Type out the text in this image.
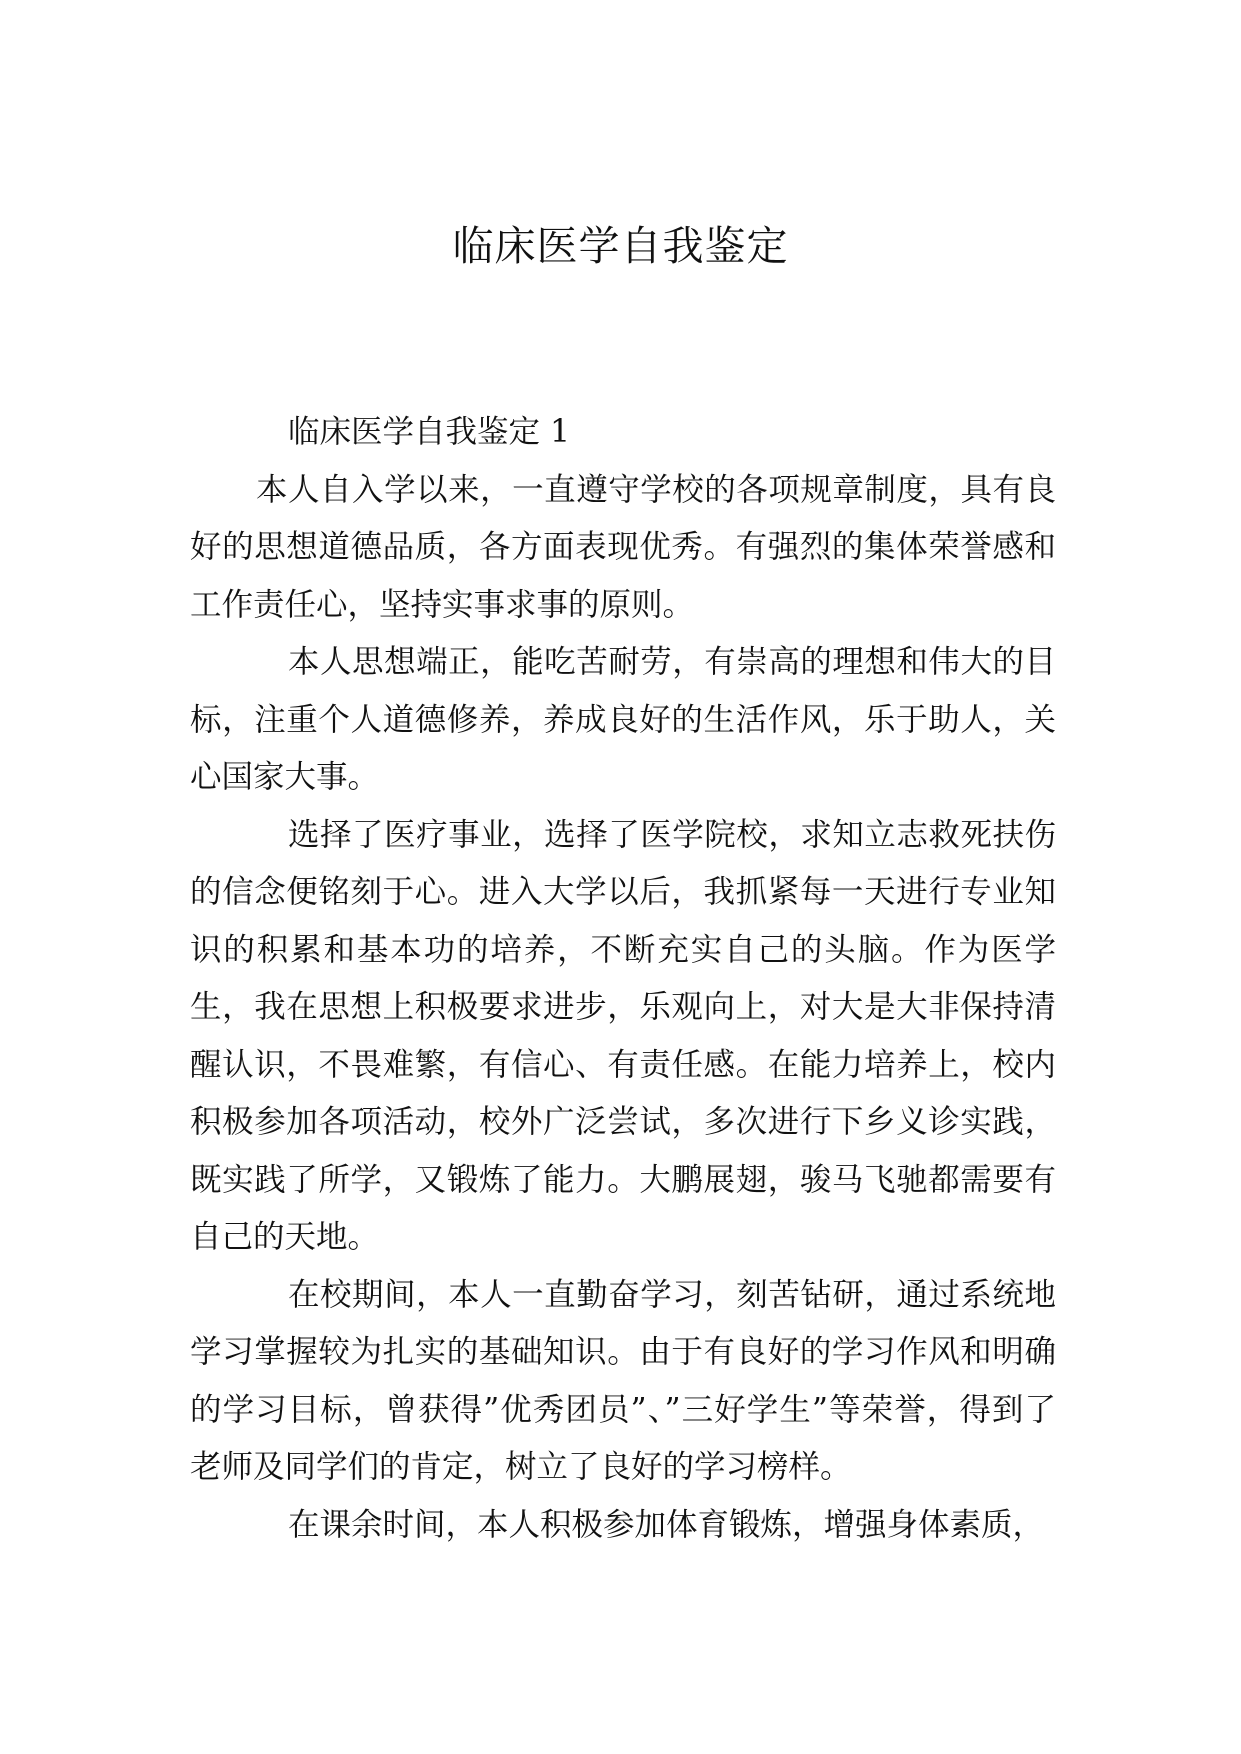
临床医学自我鉴定
临床医学自我鉴定 1

本人自入学以来，一直遵守学校的各项规章制度，具有良好的思想道德品质，各方面表现优秀。有强烈的集体荣誉感和工作责任心，坚持实事求事的原则。

本人思想端正，能吃苦耐劳，有崇高的理想和伟大的目标，注重个人道德修养，养成良好的生活作风，乐于助人，关心国家大事。

选择了医疗事业，选择了医学院校，求知立志救死扶伤的信念便铭刻于心。进入大学以后，我抓紧每一天进行专业知识的积累和基本功的培养，不断充实自己的头脑。作为医学生，我在思想上积极要求进步，乐观向上，对大是大非保持清醒认识，不畏难繁，有信心、有责任感。在能力培养上，校内积极参加各项活动，校外广泛尝试，多次进行下乡义诊实践，既实践了所学，又锻炼了能力。大鹏展翅，骏马飞驰都需要有自己的天地。

在校期间，本人一直勤奋学习，刻苦钻研，通过系统地学习掌握较为扎实的基础知识。由于有良好的学习作风和明确的学习目标，曾获得”优秀团员”、”三好学生”等荣誉，得到了老师及同学们的肯定，树立了良好的学习榜样。

在课余时间，本人积极参加体育锻炼，增强身体素质，
